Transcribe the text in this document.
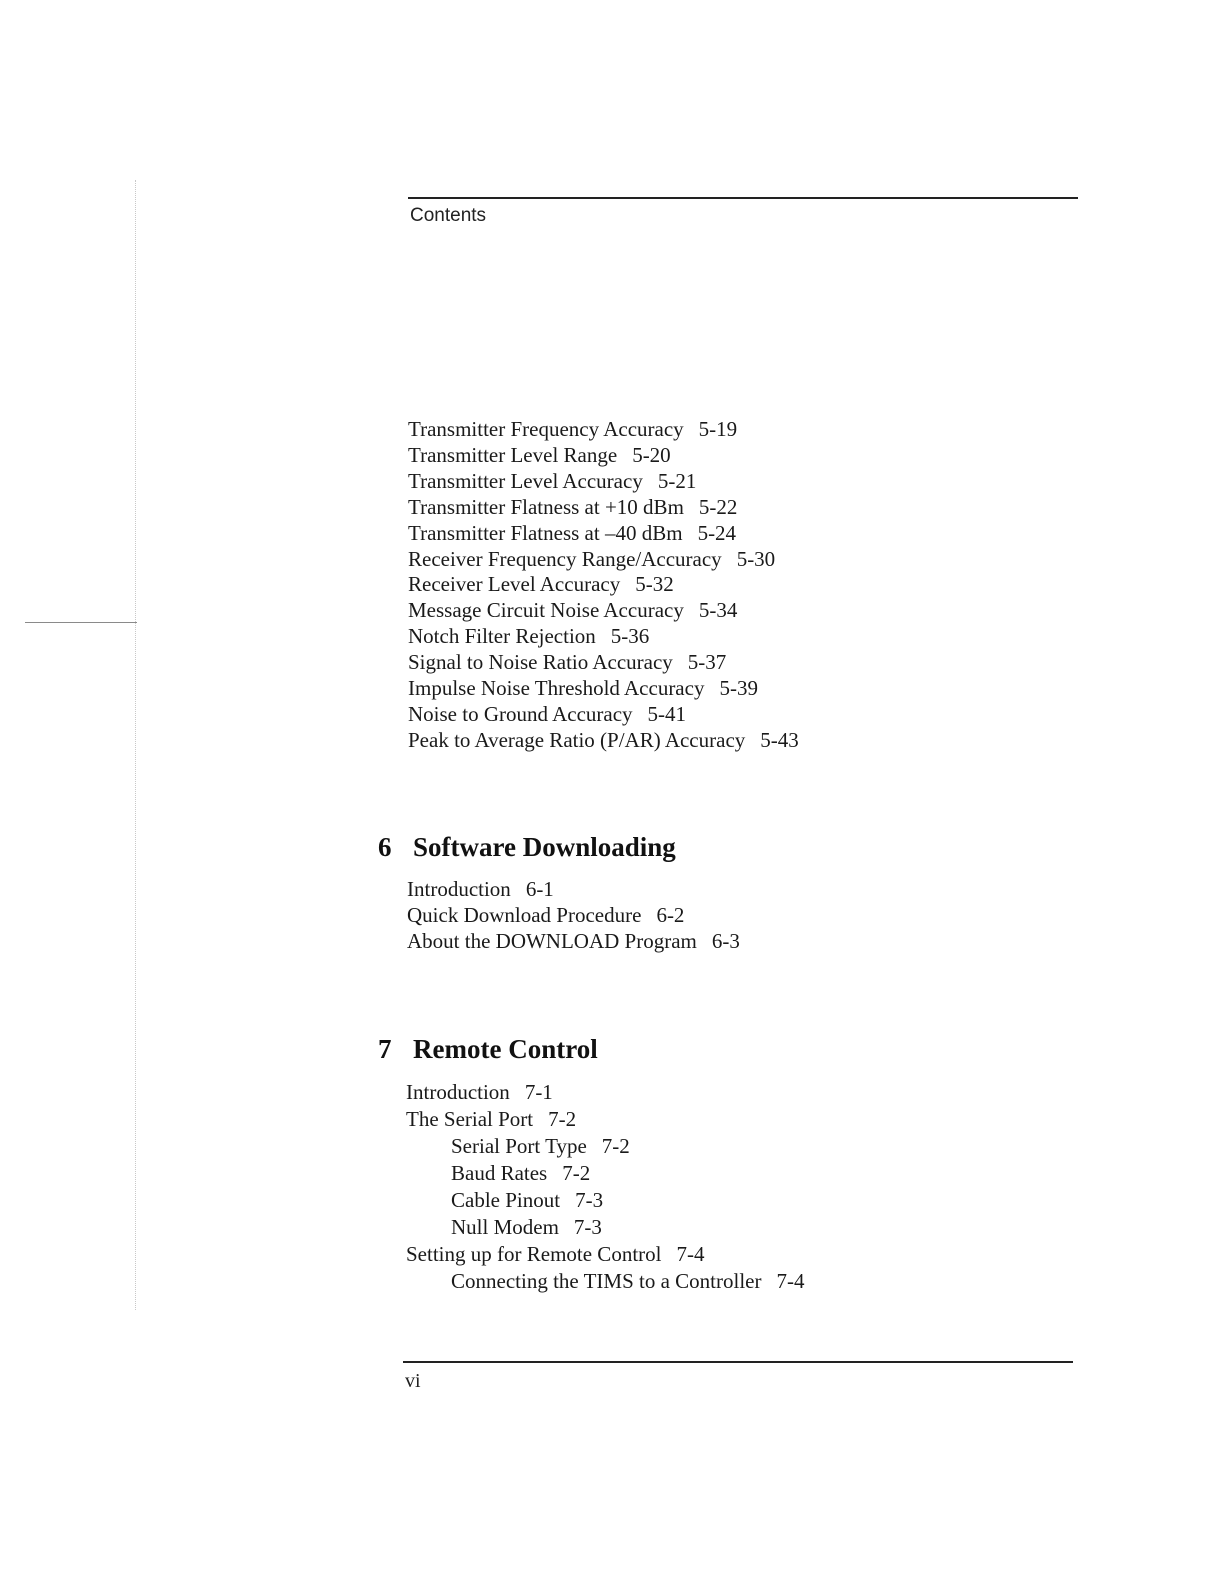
Contents
Transmitter Frequency Accuracy 5-19
Transmitter Level Range 5-20
Transmitter Level Accuracy 5-21
Transmitter Flatness at +10 dBm 5-22
Transmitter Flatness at –40 dBm 5-24
Receiver Frequency Range/Accuracy 5-30
Receiver Level Accuracy 5-32
Message Circuit Noise Accuracy 5-34
Notch Filter Rejection 5-36
Signal to Noise Ratio Accuracy 5-37
Impulse Noise Threshold Accuracy 5-39
Noise to Ground Accuracy 5-41
Peak to Average Ratio (P/AR) Accuracy 5-43
6 Software Downloading
Introduction 6-1
Quick Download Procedure 6-2
About the DOWNLOAD Program 6-3
7 Remote Control
Introduction 7-1
The Serial Port 7-2
Serial Port Type 7-2
Baud Rates 7-2
Cable Pinout 7-3
Null Modem 7-3
Setting up for Remote Control 7-4
Connecting the TIMS to a Controller 7-4
vi
